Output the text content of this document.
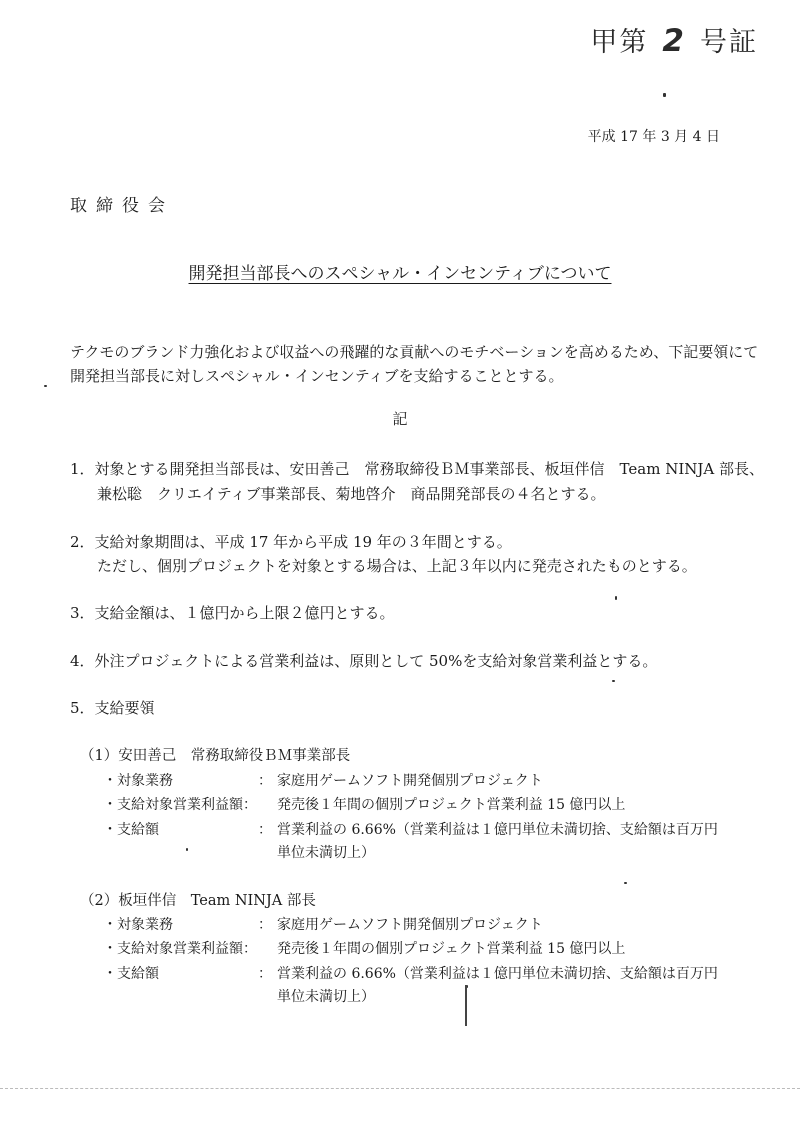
甲第 2 号証
平成 17 年 3 月 4 日
取締役会
開発担当部長へのスペシャル・インセンティブについて
テクモのブランド力強化および収益への飛躍的な貢献へのモチベーションを高めるため、下記要領にて
開発担当部長に対しスペシャル・インセンティブを支給することとする。
記
1．対象とする開発担当部長は、安田善己　常務取締役ＢＭ事業部長、板垣伴信　Team NINJA 部長、
兼松聡　クリエイティブ事業部長、菊地啓介　商品開発部長の４名とする。
2．支給対象期間は、平成 17 年から平成 19 年の３年間とする。
ただし、個別プロジェクトを対象とする場合は、上記３年以内に発売されたものとする。
3．支給金額は、１億円から上限２億円とする。
4．外注プロジェクトによる営業利益は、原則として 50%を支給対象営業利益とする。
5．支給要領
（1）安田善己　常務取締役ＢＭ事業部長
・対象業務	： 家庭用ゲームソフト開発個別プロジェクト
・支給対象営業利益額： 発売後１年間の個別プロジェクト営業利益 15 億円以上
・支給額	： 営業利益の 6.66%（営業利益は１億円単位未満切捨、支給額は百万円
単位未満切上）
（2）板垣伴信　Team NINJA 部長
・対象業務	： 家庭用ゲームソフト開発個別プロジェクト
・支給対象営業利益額： 発売後１年間の個別プロジェクト営業利益 15 億円以上
・支給額	： 営業利益の 6.66%（営業利益は１億円単位未満切捨、支給額は百万円
単位未満切上）
